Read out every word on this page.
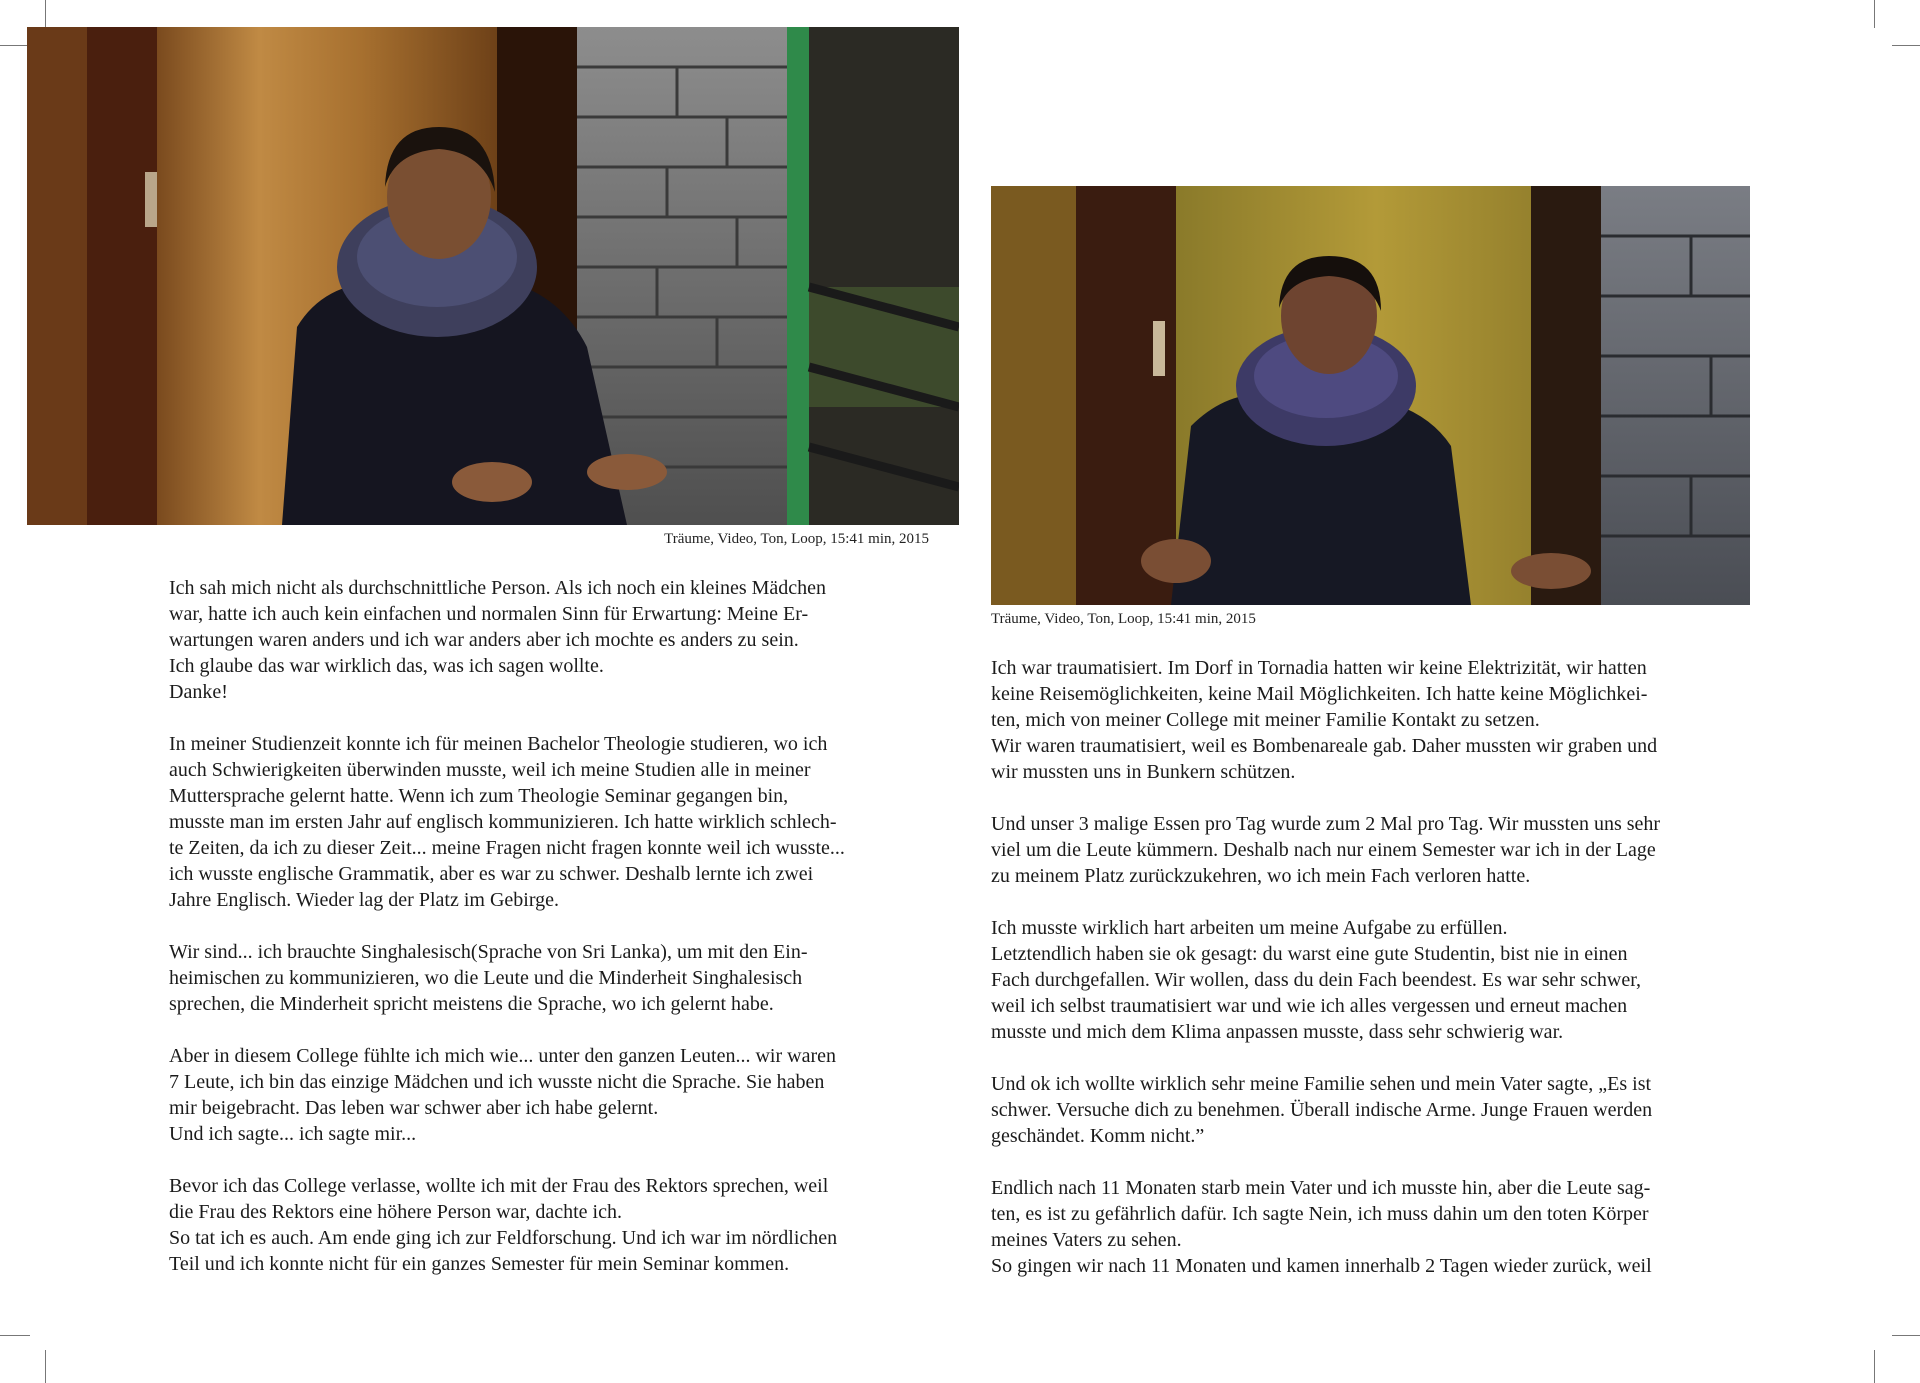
Träume, Video, Ton, Loop, 15:41 min, 2015
Träume, Video, Ton, Loop, 15:41 min, 2015

Ich sah mich nicht als durchschnittliche Person. Als ich noch ein kleines Mädchen
war, hatte ich auch kein einfachen und normalen Sinn für Erwartung: Meine Er-
wartungen waren anders und ich war anders aber ich mochte es anders zu sein.
Ich glaube das war wirklich das, was ich sagen wollte.
Danke!

In meiner Studienzeit konnte ich für meinen Bachelor Theologie studieren, wo ich
auch Schwierigkeiten überwinden musste, weil ich meine Studien alle in meiner
Muttersprache gelernt hatte. Wenn ich zum Theologie Seminar gegangen bin,
musste man im ersten Jahr auf englisch kommunizieren. Ich hatte wirklich schlech-
te Zeiten, da ich zu dieser Zeit... meine Fragen nicht fragen konnte weil ich wusste...
ich wusste englische Grammatik, aber es war zu schwer. Deshalb lernte ich zwei
Jahre Englisch. Wieder lag der Platz im Gebirge.

Wir sind... ich brauchte Singhalesisch(Sprache von Sri Lanka), um mit den Ein-
heimischen zu kommunizieren, wo die Leute und die Minderheit Singhalesisch
sprechen, die Minderheit spricht meistens die Sprache, wo ich gelernt habe.

Aber in diesem College fühlte ich mich wie... unter den ganzen Leuten... wir waren
7 Leute, ich bin das einzige Mädchen und ich wusste nicht die Sprache. Sie haben
mir beigebracht. Das leben war schwer aber ich habe gelernt.
Und ich sagte... ich sagte mir...

Bevor ich das College verlasse, wollte ich mit der Frau des Rektors sprechen, weil
die Frau des Rektors eine höhere Person war, dachte ich.
So tat ich es auch. Am ende ging ich zur Feldforschung. Und ich war im nördlichen
Teil und ich konnte nicht für ein ganzes Semester für mein Seminar kommen.

Ich war traumatisiert. Im Dorf in Tornadia hatten wir keine Elektrizität, wir hatten
keine Reisemöglichkeiten, keine Mail Möglichkeiten. Ich hatte keine Möglichkei-
ten, mich von meiner College mit meiner Familie Kontakt zu setzen.
Wir waren traumatisiert, weil es Bombenareale gab. Daher mussten wir graben und
wir mussten uns in Bunkern schützen.

Und unser 3 malige Essen pro Tag wurde zum 2 Mal pro Tag. Wir mussten uns sehr
viel um die Leute kümmern. Deshalb nach nur einem Semester war ich in der Lage
zu meinem Platz zurückzukehren, wo ich mein Fach verloren hatte.

Ich musste wirklich hart arbeiten um meine Aufgabe zu erfüllen.
Letztendlich haben sie ok gesagt: du warst eine gute Studentin, bist nie in einen
Fach durchgefallen. Wir wollen, dass du dein Fach beendest. Es war sehr schwer,
weil ich selbst traumatisiert war und wie ich alles vergessen und erneut machen
musste und mich dem Klima anpassen musste, dass sehr schwierig war.

Und ok ich wollte wirklich sehr meine Familie sehen und mein Vater sagte, „Es ist
schwer. Versuche dich zu benehmen. Überall indische Arme. Junge Frauen werden
geschändet. Komm nicht.”

Endlich nach 11 Monaten starb mein Vater und ich musste hin, aber die Leute sag-
ten, es ist zu gefährlich dafür. Ich sagte Nein, ich muss dahin um den toten Körper
meines Vaters zu sehen.
So gingen wir nach 11 Monaten und kamen innerhalb 2 Tagen wieder zurück, weil
